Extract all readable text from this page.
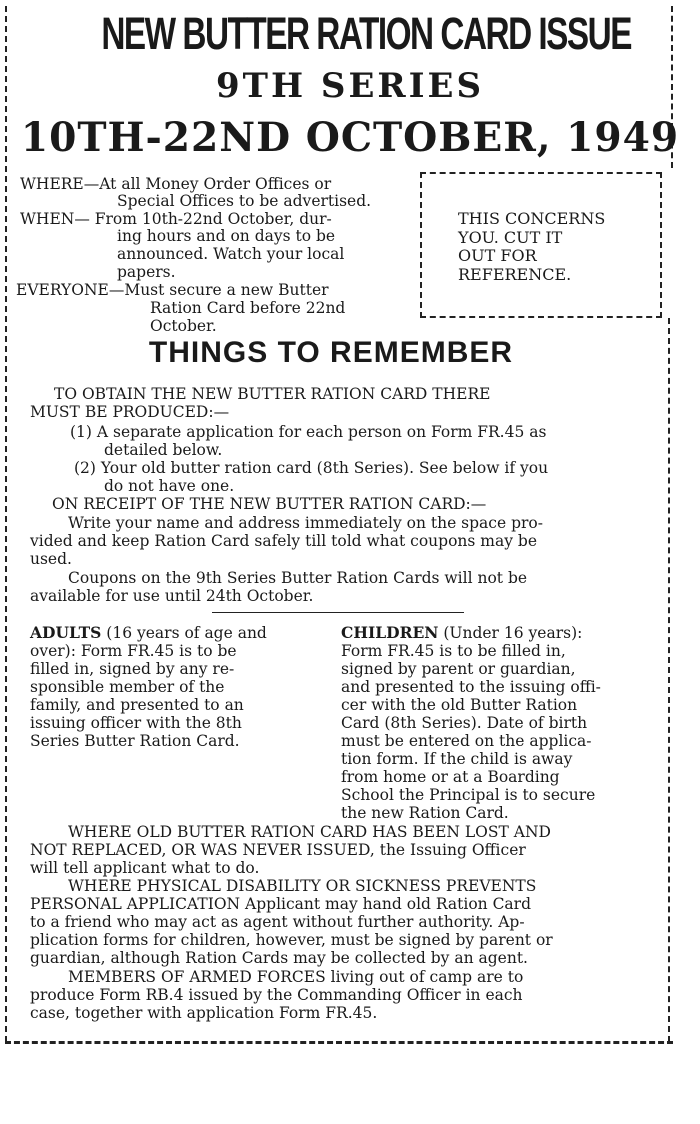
NEW BUTTER RATION CARD ISSUE
9TH SERIES
10TH-22ND OCTOBER, 1949
WHERE—At all Money Order Offices or
Special Offices to be advertised.
WHEN— From 10th-22nd October, dur-
ing hours and on days to be
announced. Watch your local
papers.
EVERYONE—Must secure a new Butter
Ration Card before 22nd
October.
THIS CONCERNS
YOU. CUT IT
OUT FOR
REFERENCE.
THINGS TO REMEMBER
TO OBTAIN THE NEW BUTTER RATION CARD THERE
MUST BE PRODUCED:—
(1) A separate application for each person on Form FR.45 as
detailed below.
(2) Your old butter ration card (8th Series). See below if you
do not have one.
ON RECEIPT OF THE NEW BUTTER RATION CARD:—
Write your name and address immediately on the space pro-
vided and keep Ration Card safely till told what coupons may be
used.
Coupons on the 9th Series Butter Ration Cards will not be
available for use until 24th October.
ADULTS (16 years of age and
over): Form FR.45 is to be
filled in, signed by any re-
sponsible member of the
family, and presented to an
issuing officer with the 8th
Series Butter Ration Card.
CHILDREN (Under 16 years):
Form FR.45 is to be filled in,
signed by parent or guardian,
and presented to the issuing offi-
cer with the old Butter Ration
Card (8th Series). Date of birth
must be entered on the applica-
tion form. If the child is away
from home or at a Boarding
School the Principal is to secure
the new Ration Card.
WHERE OLD BUTTER RATION CARD HAS BEEN LOST AND
NOT REPLACED, OR WAS NEVER ISSUED, the Issuing Officer
will tell applicant what to do.
WHERE PHYSICAL DISABILITY OR SICKNESS PREVENTS
PERSONAL APPLICATION Applicant may hand old Ration Card
to a friend who may act as agent without further authority. Ap-
plication forms for children, however, must be signed by parent or
guardian, although Ration Cards may be collected by an agent.
MEMBERS OF ARMED FORCES living out of camp are to
produce Form RB.4 issued by the Commanding Officer in each
case, together with application Form FR.45.
